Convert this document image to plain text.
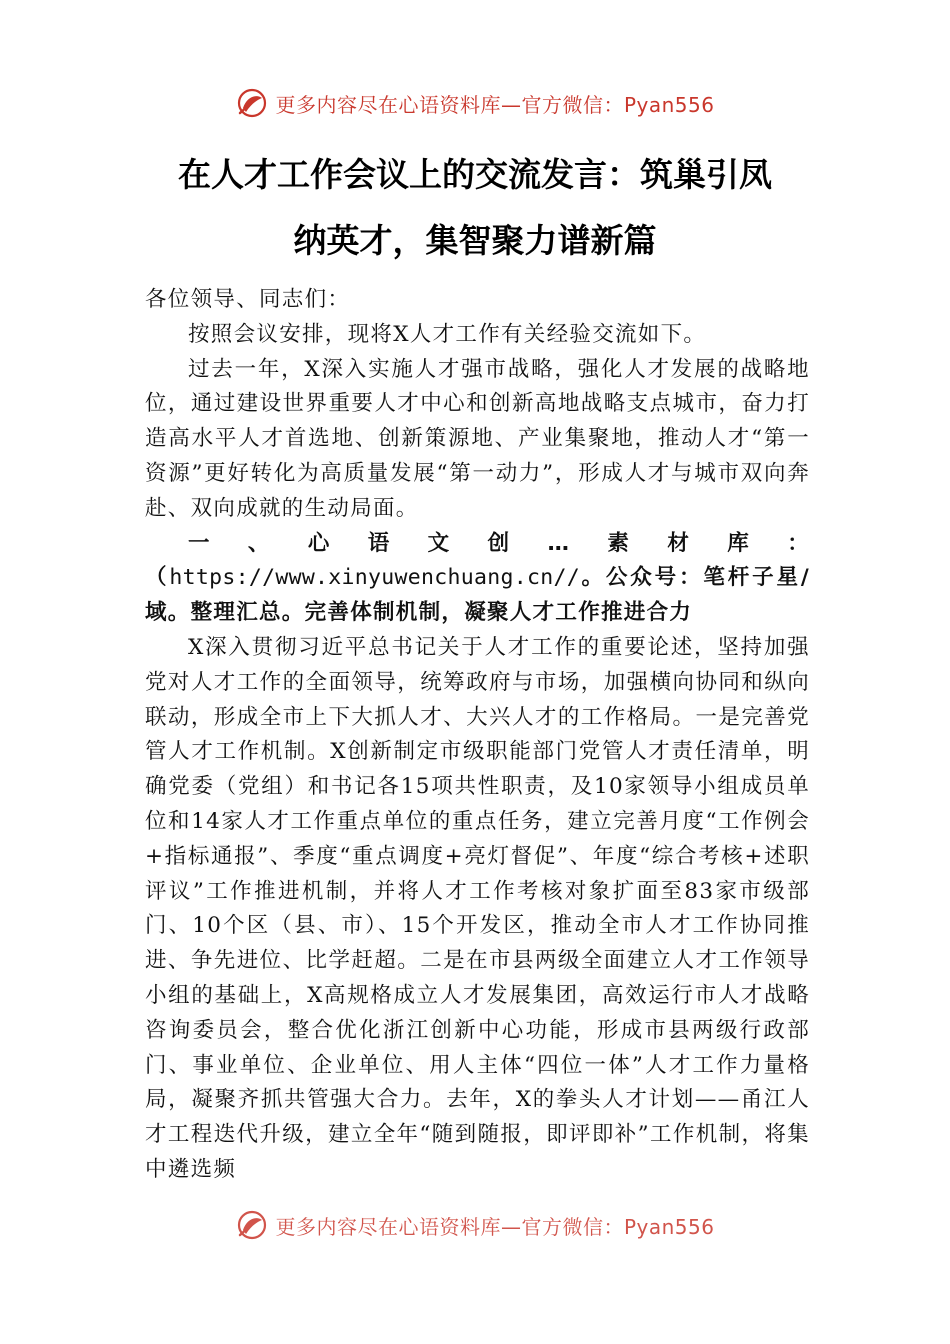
更多内容尽在心语资料库—官方微信：Pyan556
在人才工作会议上的交流发言：筑巢引凤
纳英才，集智聚力谱新篇

各位领导、同志们：

按照会议安排，现将X人才工作有关经验交流如下。

过去一年，X深入实施人才强市战略，强化人才发展的战略地位，通过建设世界重要人才中心和创新高地战略支点城市，奋力打造高水平人才首选地、创新策源地、产业集聚地，推动人才“第一资源”更好转化为高质量发展“第一动力”，形成人才与城市双向奔赴、双向成就的生动局面。

一、心语文创…素材库：（https://www.xinyuwenchuang.cn//。公众号：笔杆子星/域。整理汇总。完善体制机制，凝聚人才工作推进合力

X深入贯彻习近平总书记关于人才工作的重要论述，坚持加强党对人才工作的全面领导，统筹政府与市场，加强横向协同和纵向联动，形成全市上下大抓人才、大兴人才的工作格局。一是完善党管人才工作机制。X创新制定市级职能部门党管人才责任清单，明确党委（党组）和书记各15项共性职责，及10家领导小组成员单位和14家人才工作重点单位的重点任务，建立完善月度“工作例会+指标通报”、季度“重点调度+亮灯督促”、年度“综合考核+述职评议”工作推进机制，并将人才工作考核对象扩面至83家市级部门、10个区（县、市）、15个开发区，推动全市人才工作协同推进、争先进位、比学赶超。二是在市县两级全面建立人才工作领导小组的基础上，X高规格成立人才发展集团，高效运行市人才战略咨询委员会，整合优化浙江创新中心功能，形成市县两级行政部门、事业单位、企业单位、用人主体“四位一体”人才工作力量格局，凝聚齐抓共管强大合力。去年，X的拳头人才计划——甬江人才工程迭代升级，建立全年“随到随报，即评即补”工作机制，将集中遴选频

更多内容尽在心语资料库—官方微信：Pyan556
